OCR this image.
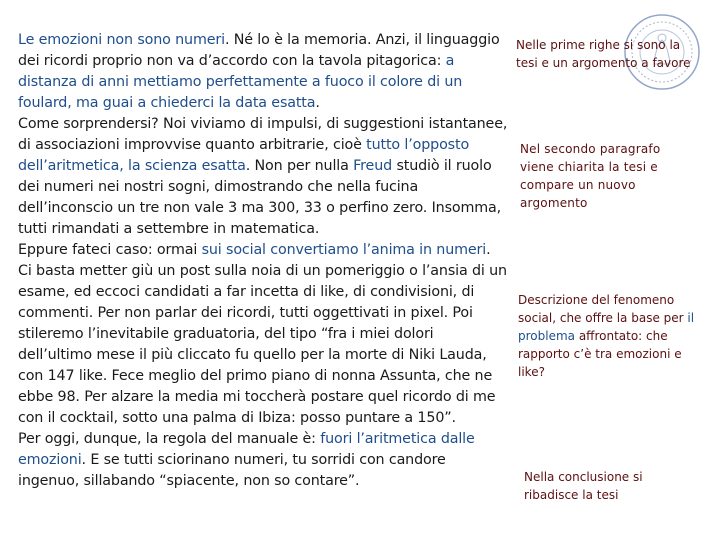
Le emozioni non sono numeri. Né lo è la memoria. Anzi, il linguaggio dei ricordi proprio non va d’accordo con la tavola pitagorica: a distanza di anni mettiamo perfettamente a fuoco il colore di un foulard, ma guai a chiederci la data esatta.

Come sorprendersi? Noi viviamo di impulsi, di suggestioni istantanee, di associazioni improvvise quanto arbitrarie, cioè tutto l’opposto dell’aritmetica, la scienza esatta. Non per nulla Freud studiò il ruolo dei numeri nei nostri sogni, dimostrando che nella fucina dell’inconscio un tre non vale 3 ma 300, 33 o perfino zero. Insomma, tutti rimandati a settembre in matematica.

Eppure fateci caso: ormai sui social convertiamo l’anima in numeri. Ci basta metter giù un post sulla noia di un pomeriggio o l’ansia di un esame, ed eccoci candidati a far incetta di like, di condivisioni, di commenti. Per non parlar dei ricordi, tutti oggettivati in pixel. Poi stileremo l’inevitabile graduatoria, del tipo “fra i miei dolori dell’ultimo mese il più cliccato fu quello per la morte di Niki Lauda, con 147 like. Fece meglio del primo piano di nonna Assunta, che ne ebbe 98. Per alzare la media mi toccherà postare quel ricordo di me con il cocktail, sotto una palma di Ibiza: posso puntare a 150”.

Per oggi, dunque, la regola del manuale è: fuori l’aritmetica dalle emozioni. E se tutti sciorinano numeri, tu sorridi con candore ingenuo, sillabando “spiacente, non so contare”.

Nelle prime righe si sono la tesi e un argomento a favore
Nel secondo paragrafo viene chiarita la tesi e compare un nuovo argomento
Descrizione del fenomeno social, che offre la base per il problema affrontato: che rapporto c’è tra emozioni e like?
Nella conclusione si ribadisce la tesi
